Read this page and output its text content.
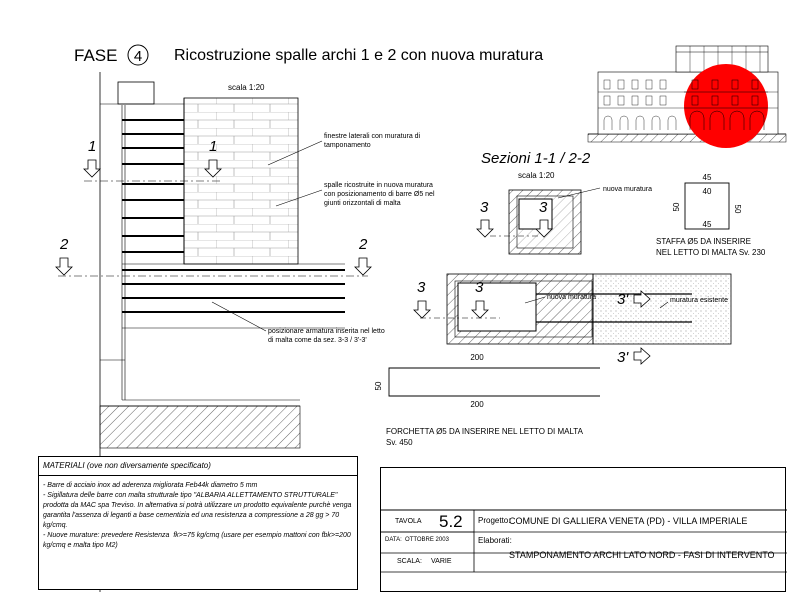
FASE 4 Ricostruzione spalle archi 1 e 2 con nuova muratura
scala 1:20
1	1
2	2
finestre laterali con muratura di
tamponamento
spalle ricostruite in nuova muratura
con posizionamento di barre Ø5 nel
giunti orizzontali di malta
posizionare armatura inserita nel letto
di malta come da sez. 3-3 / 3'-3'
Sezioni 1-1 / 2-2
scala 1:20
3	3
nuova muratura
45
40
50	50
45
STAFFA Ø5 DA INSERIRE
NEL LETTO DI MALTA Sv. 230
3	3
nuova muratura	muratura esistente
3'
3'
200
50
200
FORCHETTA Ø5 DA INSERIRE NEL LETTO DI MALTA
Sv. 450
MATERIALI (ove non diversamente specificato)
- Barre di acciaio inox ad aderenza migliorata Feb44k diametro 5 mm
- Sigillatura delle barre con malta strutturale tipo "ALBARIA ALLETTAMENTO STRUTTURALE"
prodotta da MAC spa Treviso. In alternativa si potrà utilizzare un prodotto equivalente purchè venga
garantita l'assenza di leganti a base cementizia ed una resistenza a compressione a 28 gg > 70
kg/cmq.
- Nuove murature: prevedere Resistenza  fk>=75 kg/cmq (usare per esempio mattoni con fbk>=200
kg/cmq e malta tipo M2)
TAVOLA 5.2 Progetto:
COMUNE DI GALLIERA VENETA (PD) - VILLA IMPERIALE
DATA: OTTOBRE 2003	Elaborati:
STAMPONAMENTO ARCHI LATO NORD - FASI DI INTERVENTO
SCALA: VARIE
